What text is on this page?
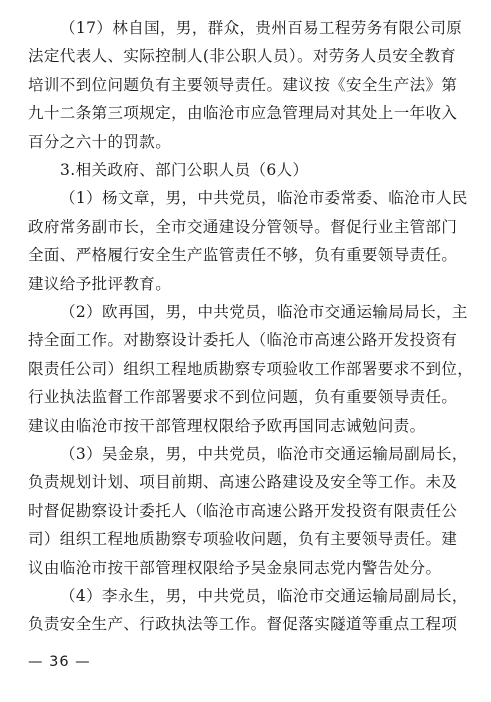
（17）林自国，男，群众，贵州百易工程劳务有限公司原
法定代表人、实际控制人(非公职人员）。对劳务人员安全教育
培训不到位问题负有主要领导责任。建议按《安全生产法》第
九十二条第三项规定，由临沧市应急管理局对其处上一年收入
百分之六十的罚款。
3.相关政府、部门公职人员（6人）
（1）杨文章，男，中共党员，临沧市委常委、临沧市人民
政府常务副市长，全市交通建设分管领导。督促行业主管部门
全面、严格履行安全生产监管责任不够，负有重要领导责任。
建议给予批评教育。
（2）欧再国，男，中共党员，临沧市交通运输局局长，主
持全面工作。对勘察设计委托人（临沧市高速公路开发投资有
限责任公司）组织工程地质勘察专项验收工作部署要求不到位，
行业执法监督工作部署要求不到位问题，负有重要领导责任。
建议由临沧市按干部管理权限给予欧再国同志诫勉问责。
（3）吴金泉，男，中共党员，临沧市交通运输局副局长，
负责规划计划、项目前期、高速公路建设及安全等工作。未及
时督促勘察设计委托人（临沧市高速公路开发投资有限责任公
司）组织工程地质勘察专项验收问题，负有主要领导责任。建
议由临沧市按干部管理权限给予吴金泉同志党内警告处分。
（4）李永生，男，中共党员，临沧市交通运输局副局长，
— 36 —
负责安全生产、行政执法等工作。督促落实隧道等重点工程项
